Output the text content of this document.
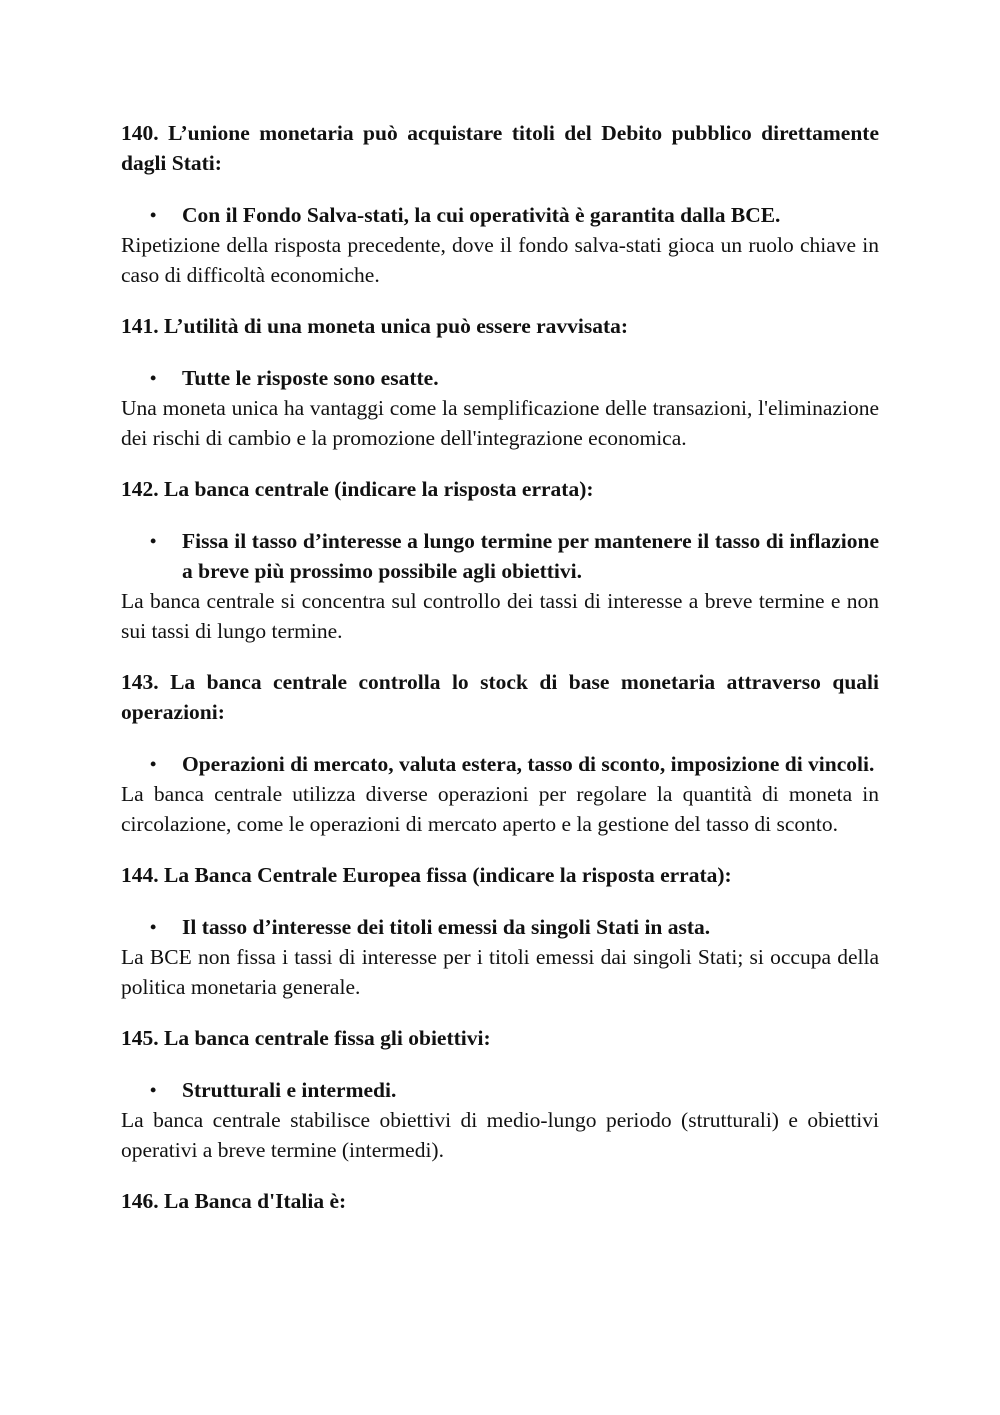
140. L’unione monetaria può acquistare titoli del Debito pubblico direttamente dagli Stati:

• Con il Fondo Salva-stati, la cui operatività è garantita dalla BCE.

Ripetizione della risposta precedente, dove il fondo salva-stati gioca un ruolo chiave in caso di difficoltà economiche.

141. L’utilità di una moneta unica può essere ravvisata:

• Tutte le risposte sono esatte.

Una moneta unica ha vantaggi come la semplificazione delle transazioni, l'eliminazione dei rischi di cambio e la promozione dell'integrazione economica.

142. La banca centrale (indicare la risposta errata):

• Fissa il tasso d’interesse a lungo termine per mantenere il tasso di inflazione a breve più prossimo possibile agli obiettivi.

La banca centrale si concentra sul controllo dei tassi di interesse a breve termine e non sui tassi di lungo termine.

143. La banca centrale controlla lo stock di base monetaria attraverso quali operazioni:

• Operazioni di mercato, valuta estera, tasso di sconto, imposizione di vincoli.

La banca centrale utilizza diverse operazioni per regolare la quantità di moneta in circolazione, come le operazioni di mercato aperto e la gestione del tasso di sconto.

144. La Banca Centrale Europea fissa (indicare la risposta errata):

• Il tasso d’interesse dei titoli emessi da singoli Stati in asta.

La BCE non fissa i tassi di interesse per i titoli emessi dai singoli Stati; si occupa della politica monetaria generale.

145. La banca centrale fissa gli obiettivi:

• Strutturali e intermedi.

La banca centrale stabilisce obiettivi di medio-lungo periodo (strutturali) e obiettivi operativi a breve termine (intermedi).

146. La Banca d'Italia è:
